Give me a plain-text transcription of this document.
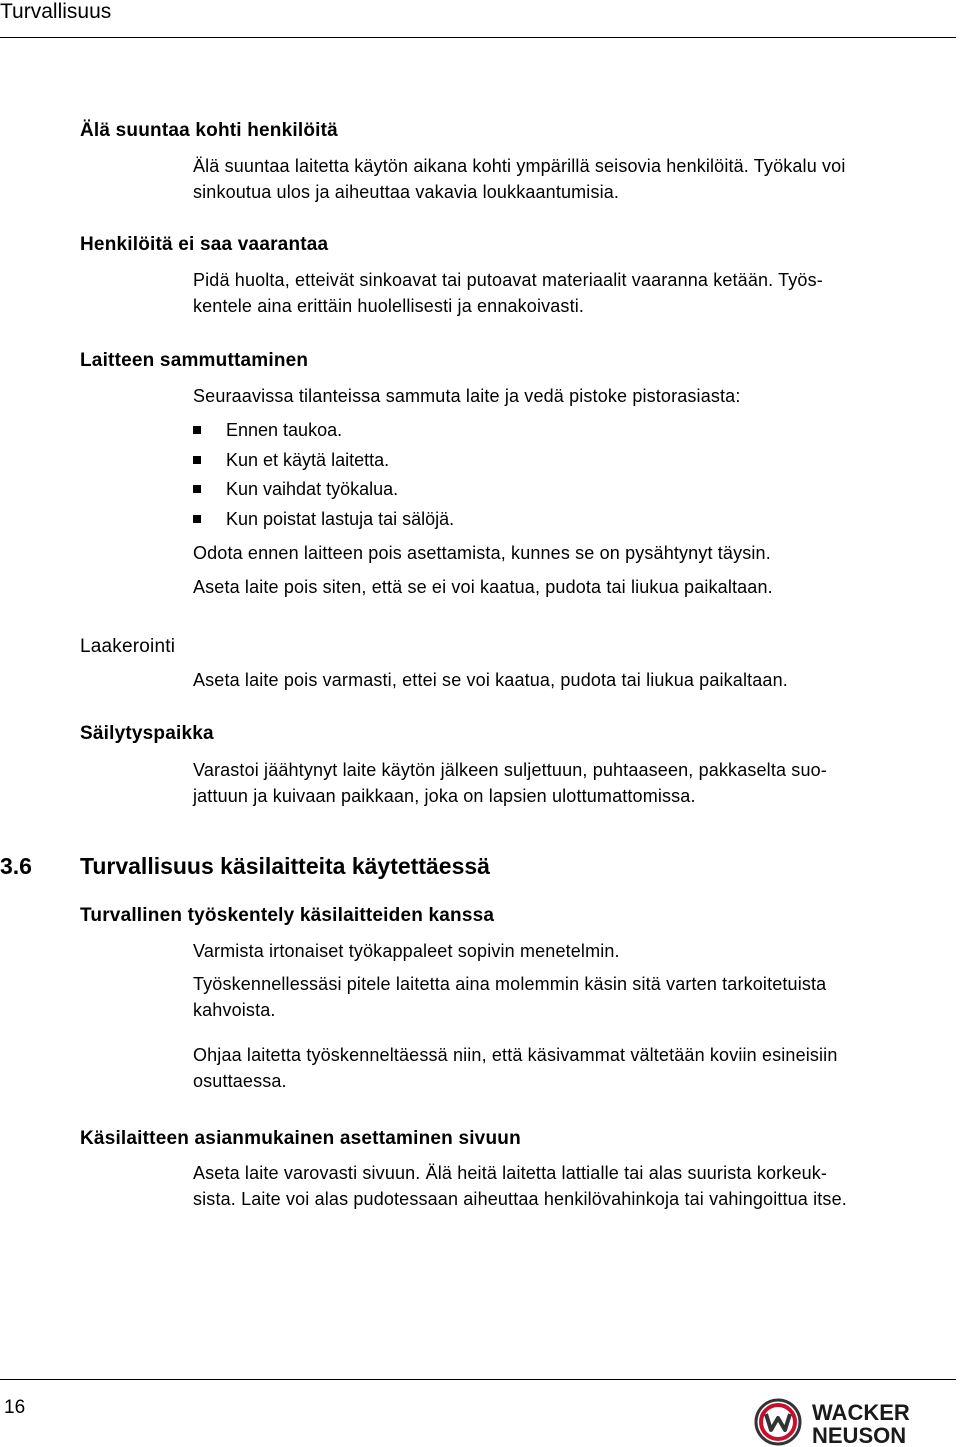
Turvallisuus
Älä suuntaa kohti henkilöitä
Älä suuntaa laitetta käytön aikana kohti ympärillä seisovia henkilöitä. Työkalu voi
sinkoutua ulos ja aiheuttaa vakavia loukkaantumisia.
Henkilöitä ei saa vaarantaa
Pidä huolta, etteivät sinkoavat tai putoavat materiaalit vaaranna ketään. Työs-
kentele aina erittäin huolellisesti ja ennakoivasti.
Laitteen sammuttaminen
Seuraavissa tilanteissa sammuta laite ja vedä pistoke pistorasiasta:
Ennen taukoa.
Kun et käytä laitetta.
Kun vaihdat työkalua.
Kun poistat lastuja tai sälöjä.
Odota ennen laitteen pois asettamista, kunnes se on pysähtynyt täysin.
Aseta laite pois siten, että se ei voi kaatua, pudota tai liukua paikaltaan.
Laakerointi
Aseta laite pois varmasti, ettei se voi kaatua, pudota tai liukua paikaltaan.
Säilytyspaikka
Varastoi jäähtynyt laite käytön jälkeen suljettuun, puhtaaseen, pakkaselta suo-
jattuun ja kuivaan paikkaan, joka on lapsien ulottumattomissa.
3.6 Turvallisuus käsilaitteita käytettäessä
Turvallinen työskentely käsilaitteiden kanssa
Varmista irtonaiset työkappaleet sopivin menetelmin.
Työskennellessäsi pitele laitetta aina molemmin käsin sitä varten tarkoitetuista
kahvoista.
Ohjaa laitetta työskenneltäessä niin, että käsivammat vältetään koviin esineisiin
osuttaessa.
Käsilaitteen asianmukainen asettaminen sivuun
Aseta laite varovasti sivuun. Älä heitä laitetta lattialle tai alas suurista korkeuk-
sista. Laite voi alas pudotessaan aiheuttaa henkilövahinkoja tai vahingoittua itse.
16	WACKER
NEUSON
